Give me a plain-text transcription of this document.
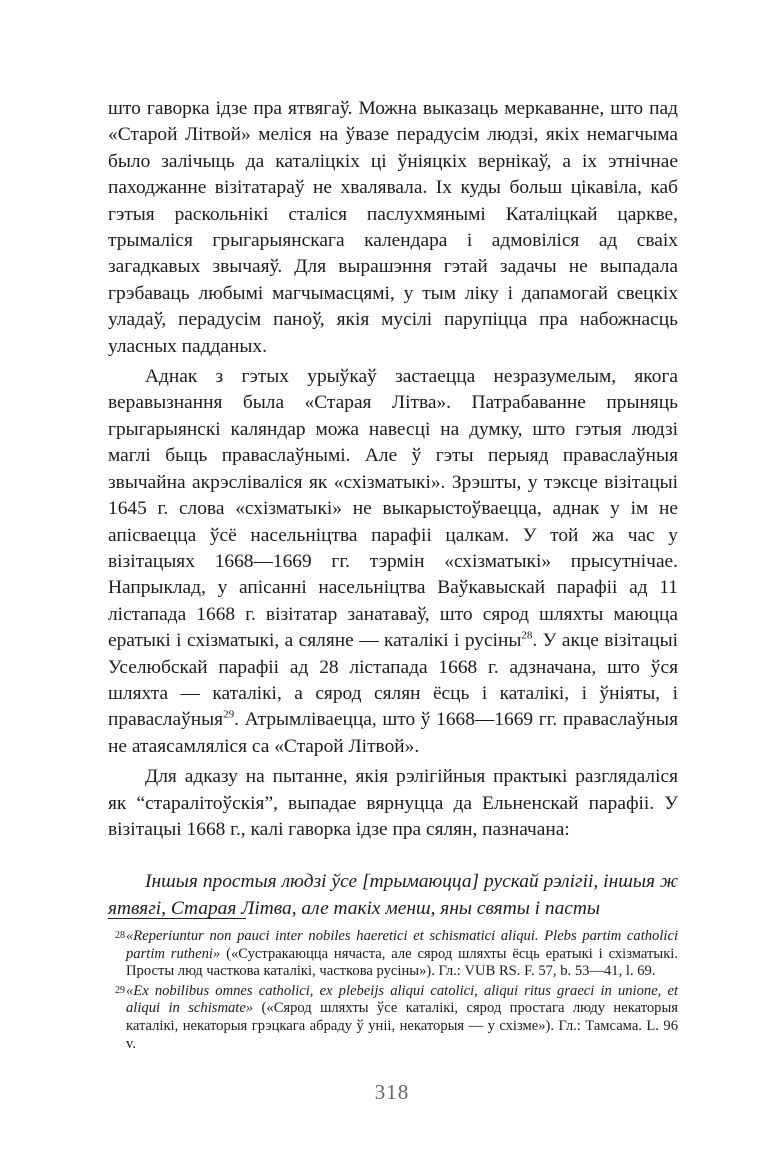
што гаворка ідзе пра ятвягаў. Можна выказаць меркаванне, што пад «Старой Літвой» меліся на ўвазе перадусім людзі, якіх немагчыма было залічыць да каталіцкіх ці ўніяцкіх вернікаў, а іх этнічнае паходжанне візітатараў не хвалявала. Іх куды больш цікавіла, каб гэтыя раскольнікі сталіся паслухмянымі Каталіцкай царкве, трымаліся грыгарыянскага календара і адмовіліся ад сваіх загадкавых звычаяў. Для вырашэння гэтай задачы не выпадала грэбаваць любымі магчымасцямі, у тым ліку і дапамогай свецкіх уладаў, перадусім паноў, якія мусілі парупіцца пра набожнасць уласных падданых.

Аднак з гэтых урыўкаў застаецца незразумелым, якога веравызнання была «Старая Літва». Патрабаванне прыняць грыгарыянскі каляндар можа навесці на думку, што гэтыя людзі маглі быць праваслаўнымі. Але ў гэты перыяд праваслаўныя звычайна акрэсліваліся як «схізматыкі». Зрэшты, у тэксце візітацыі 1645 г. слова «схізматыкі» не выкарыстоўваецца, аднак у ім не апісваецца ўсё насельніцтва парафіі цалкам. У той жа час у візітацыях 1668—1669 гг. тэрмін «схізматыкі» прысутнічае. Напрыклад, у апісанні насельніцтва Ваўкавыскай парафіі ад 11 лістапада 1668 г. візітатар занатаваў, што сярод шляхты маюцца ератыкі і схізматыкі, а сяляне — каталікі і русіны$^{28}$. У акце візітацыі Уселюбскай парафіі ад 28 лістапада 1668 г. адзначана, што ўся шляхта — каталікі, а сярод сялян ёсць і каталікі, і ўніяты, і праваслаўныя$^{29}$. Атрымліваецца, што ў 1668—1669 гг. праваслаўныя не атаясамляліся са «Старой Літвой».

Для адказу на пытанне, якія рэлігійныя практыкі разглядаліся як “старалітоўскія”, выпадае вярнуцца да Ельненскай парафіі. У візітацыі 1668 г., калі гаворка ідзе пра сялян, пазначана:

Іншыя простыя людзі ўсе [трымаюцца] рускай рэлігіі, іншыя ж ятвягі, Старая Літва, але такіх менш, яны святы і пасты

28 «Reperiuntur non pauci inter nobiles haeretici et schismatici aliqui. Plebs partim catholici partim rutheni» («Сустракаюцца нячаста, але сярод шляхты ёсць ератыкі і схізматыкі. Просты люд часткова каталікі, часткова русіны»). Гл.: VUB RS. F. 57, b. 53—41, l. 69.

29 «Ex nobilibus omnes catholici, ex plebeijs aliqui catolici, aliqui ritus graeci in unione, et aliqui in schismate» («Сярод шляхты ўсе каталікі, сярод простага люду некаторыя каталікі, некаторыя грэцкага абраду ў уніі, некаторыя — у схізме»). Гл.: Тамсама. L. 96 v.

318
